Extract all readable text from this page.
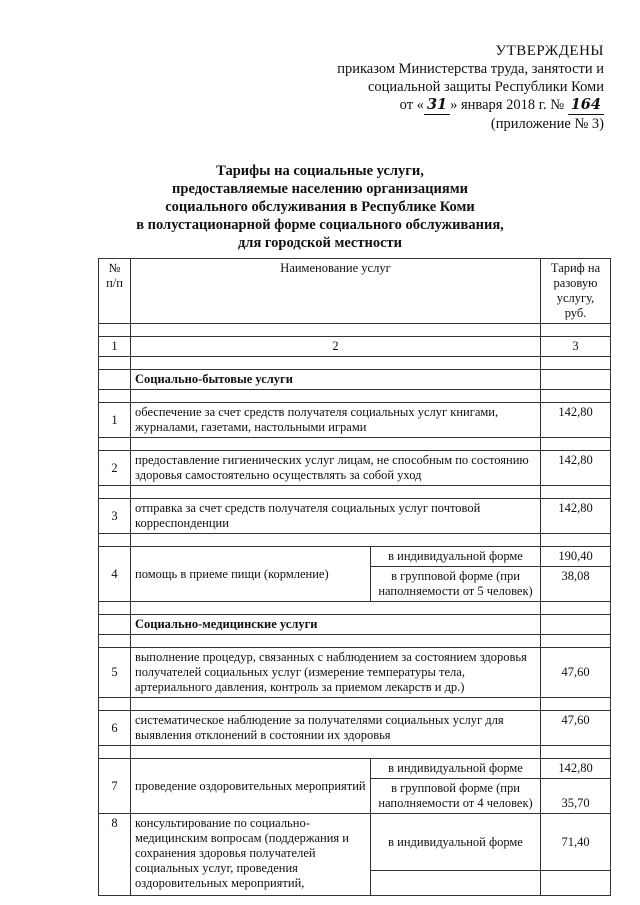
УТВЕРЖДЕНЫ
приказом Министерства труда, занятости и
социальной защиты Республики Коми
от « 31 » января 2018 г. № 164
(приложение № 3)
Тарифы на социальные услуги,
предоставляемые населению организациями
социального обслуживания в Республике Коми
в полустационарной форме социального обслуживания,
для городской местности
№ п/п	Наименование услуг		Тариф на разовую услугу, руб.

1	2		3

	Социально-бытовые услуги		

1	обеспечение за счет средств получателя социальных услуг книгами, журналами, газетами, настольными играми		142,80

2	предоставление гигиенических услуг лицам, не способным по состоянию здоровья самостоятельно осуществлять за собой уход		142,80

3	отправка за счет средств получателя социальных услуг почтовой корреспонденции		142,80

4	помощь в приеме пищи (кормление)	в индивидуальной форме	190,40
		в групповой форме (при наполняемости от 5 человек)	38,08

	Социально-медицинские услуги		

5	выполнение процедур, связанных с наблюдением за состоянием здоровья получателей социальных услуг (измерение температуры тела, артериального давления, контроль за приемом лекарств и др.)		47,60

6	систематическое наблюдение за получателями социальных услуг для выявления отклонений в состоянии их здоровья		47,60

7	проведение оздоровительных мероприятий	в индивидуальной форме	142,80
		в групповой форме (при наполняемости от 4 человек)	35,70
8	консультирование по социально-медицинским вопросам (поддержания и сохранения здоровья получателей социальных услуг, проведения оздоровительных мероприятий,	в индивидуальной форме	71,40
